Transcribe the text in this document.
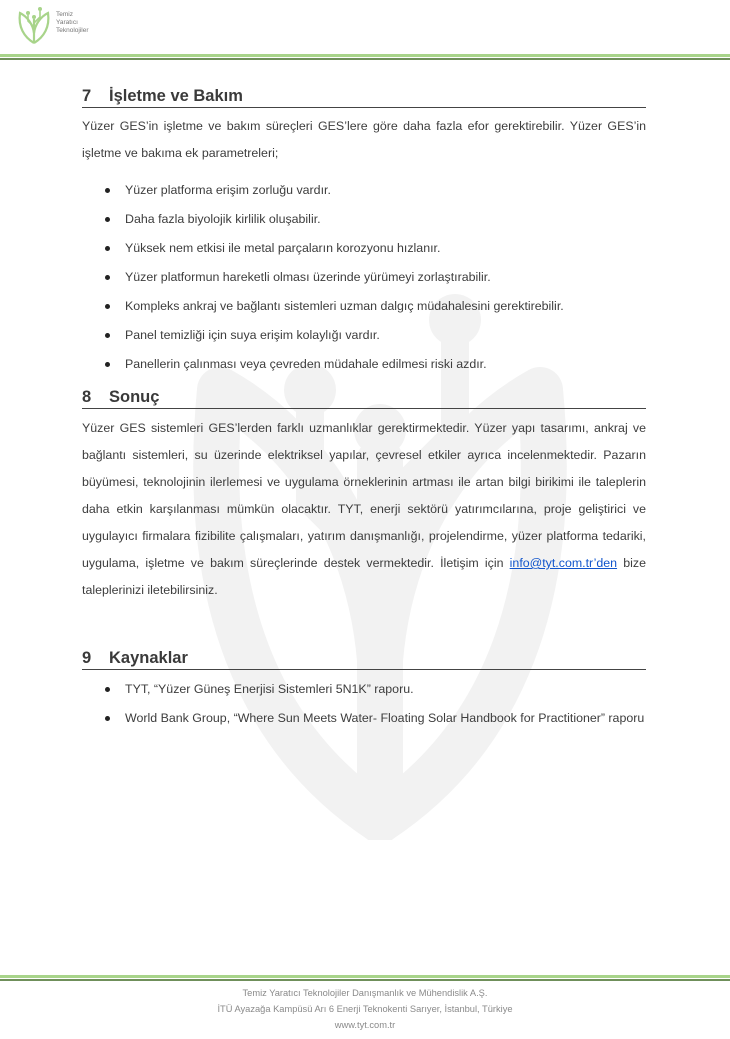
Temiz
Yaratıcı
Teknolojiler
7 İşletme ve Bakım

Yüzer GES’in işletme ve bakım süreçleri GES’lere göre daha fazla efor gerektirebilir. Yüzer GES’in işletme ve bakıma ek parametreleri;

Yüzer platforma erişim zorluğu vardır.
Daha fazla biyolojik kirlilik oluşabilir.
Yüksek nem etkisi ile metal parçaların korozyonu hızlanır.
Yüzer platformun hareketli olması üzerinde yürümeyi zorlaştırabilir.
Kompleks ankraj ve bağlantı sistemleri uzman dalgıç müdahalesini gerektirebilir.
Panel temizliği için suya erişim kolaylığı vardır.
Panellerin çalınması veya çevreden müdahale edilmesi riski azdır.
8 Sonuç

Yüzer GES sistemleri GES’lerden farklı uzmanlıklar gerektirmektedir. Yüzer yapı tasarımı, ankraj ve bağlantı sistemleri, su üzerinde elektriksel yapılar, çevresel etkiler ayrıca incelenmektedir. Pazarın büyümesi, teknolojinin ilerlemesi ve uygulama örneklerinin artması ile artan bilgi birikimi ile taleplerin daha etkin karşılanması mümkün olacaktır. TYT, enerji sektörü yatırımcılarına, proje geliştirici ve uygulayıcı firmalara fizibilite çalışmaları, yatırım danışmanlığı, projelendirme, yüzer platforma tedariki, uygulama, işletme ve bakım süreçlerinde destek vermektedir. İletişim için info@tyt.com.tr’den bize taleplerinizi iletebilirsiniz.

9 Kaynaklar
TYT, “Yüzer Güneş Enerjisi Sistemleri 5N1K” raporu.
World Bank Group, “Where Sun Meets Water- Floating Solar Handbook for Practitioner” raporu
Temiz Yaratıcı Teknolojiler Danışmanlık ve Mühendislik A.Ş.
İTÜ Ayazağa Kampüsü Arı 6 Enerji Teknokenti Sarıyer, İstanbul, Türkiye
www.tyt.com.tr
